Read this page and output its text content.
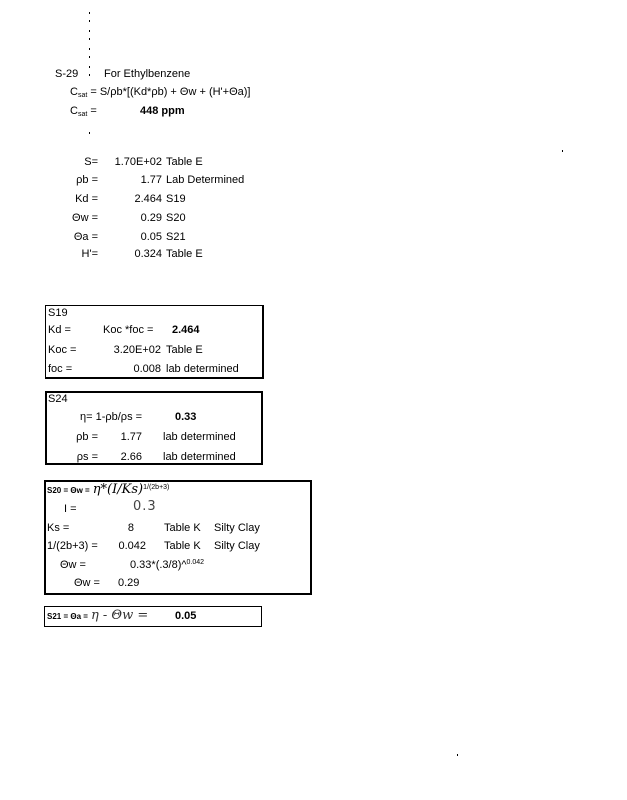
S-29 For Ethylbenzene
$C_{sat} = S/\rho b*[(Kd*\rho b) + \Theta w + (H'+\Theta a)]$
$C_{sat}$ =	448 ppm
S=	1.70E+02 Table E
ρb =	1.77 Lab Determined
Kd =	2.464 S19
Θw =	0.29 S20
Θa =	0.05 S21
H'=	0.324 Table E
S19
Kd =	Koc *foc = 2.464
Koc =	3.20E+02 Table E
foc =	0.008 lab determined
S24
η= 1-ρb/ρs =	0.33
ρb =	1.77 lab determined
ρs =	2.66 lab determined
$S20 = \Theta w = \eta*(I/Ks)^{1/(2b+3)}$
I =	0.3
Ks =	8	Table K Silty Clay
1/(2b+3) =	0.042 Table K Silty Clay
Θw =	0.33*(.3/8)^$^{0.042}$
Θw = 0.29
S21 = Θa = η - Θw = 0.05
